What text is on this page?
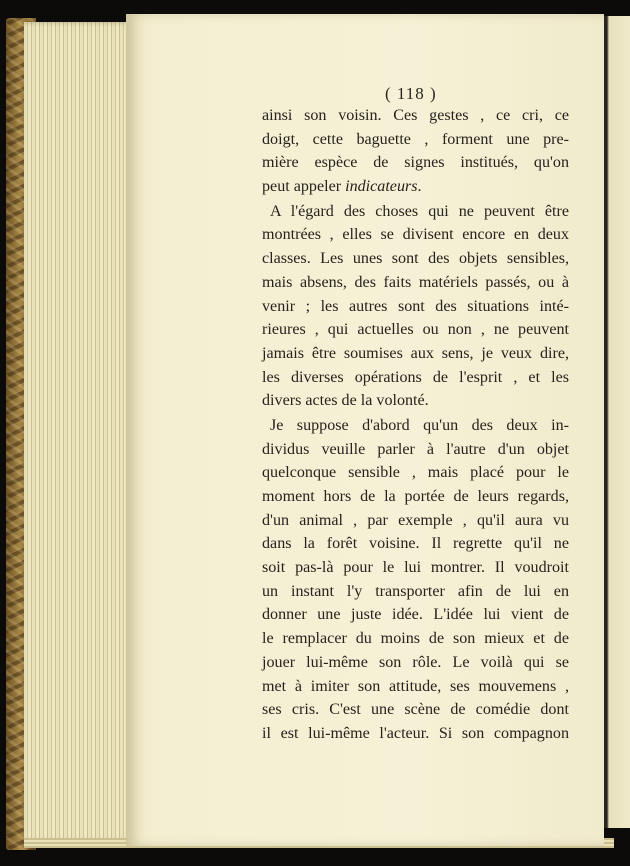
( 118 )
ainsi son voisin. Ces gestes , ce cri, ce
doigt, cette baguette , forment une pre-
mière espèce de signes institués, qu'on
peut appeler indicateurs.
A l'égard des choses qui ne peuvent être
montrées , elles se divisent encore en deux
classes. Les unes sont des objets sensibles,
mais absens, des faits matériels passés, ou à
venir ; les autres sont des situations inté-
rieures , qui actuelles ou non , ne peuvent
jamais être soumises aux sens, je veux dire,
les diverses opérations de l'esprit , et les
divers actes de la volonté.
Je suppose d'abord qu'un des deux in-
dividus veuille parler à l'autre d'un objet
quelconque sensible , mais placé pour le
moment hors de la portée de leurs regards,
d'un animal , par exemple , qu'il aura vu
dans la forêt voisine. Il regrette qu'il ne
soit pas-là pour le lui montrer. Il voudroit
un instant l'y transporter afin de lui en
donner une juste idée. L'idée lui vient de
le remplacer du moins de son mieux et de
jouer lui-même son rôle. Le voilà qui se
met à imiter son attitude, ses mouvemens ,
ses cris. C'est une scène de comédie dont
il est lui-même l'acteur. Si son compagnon
